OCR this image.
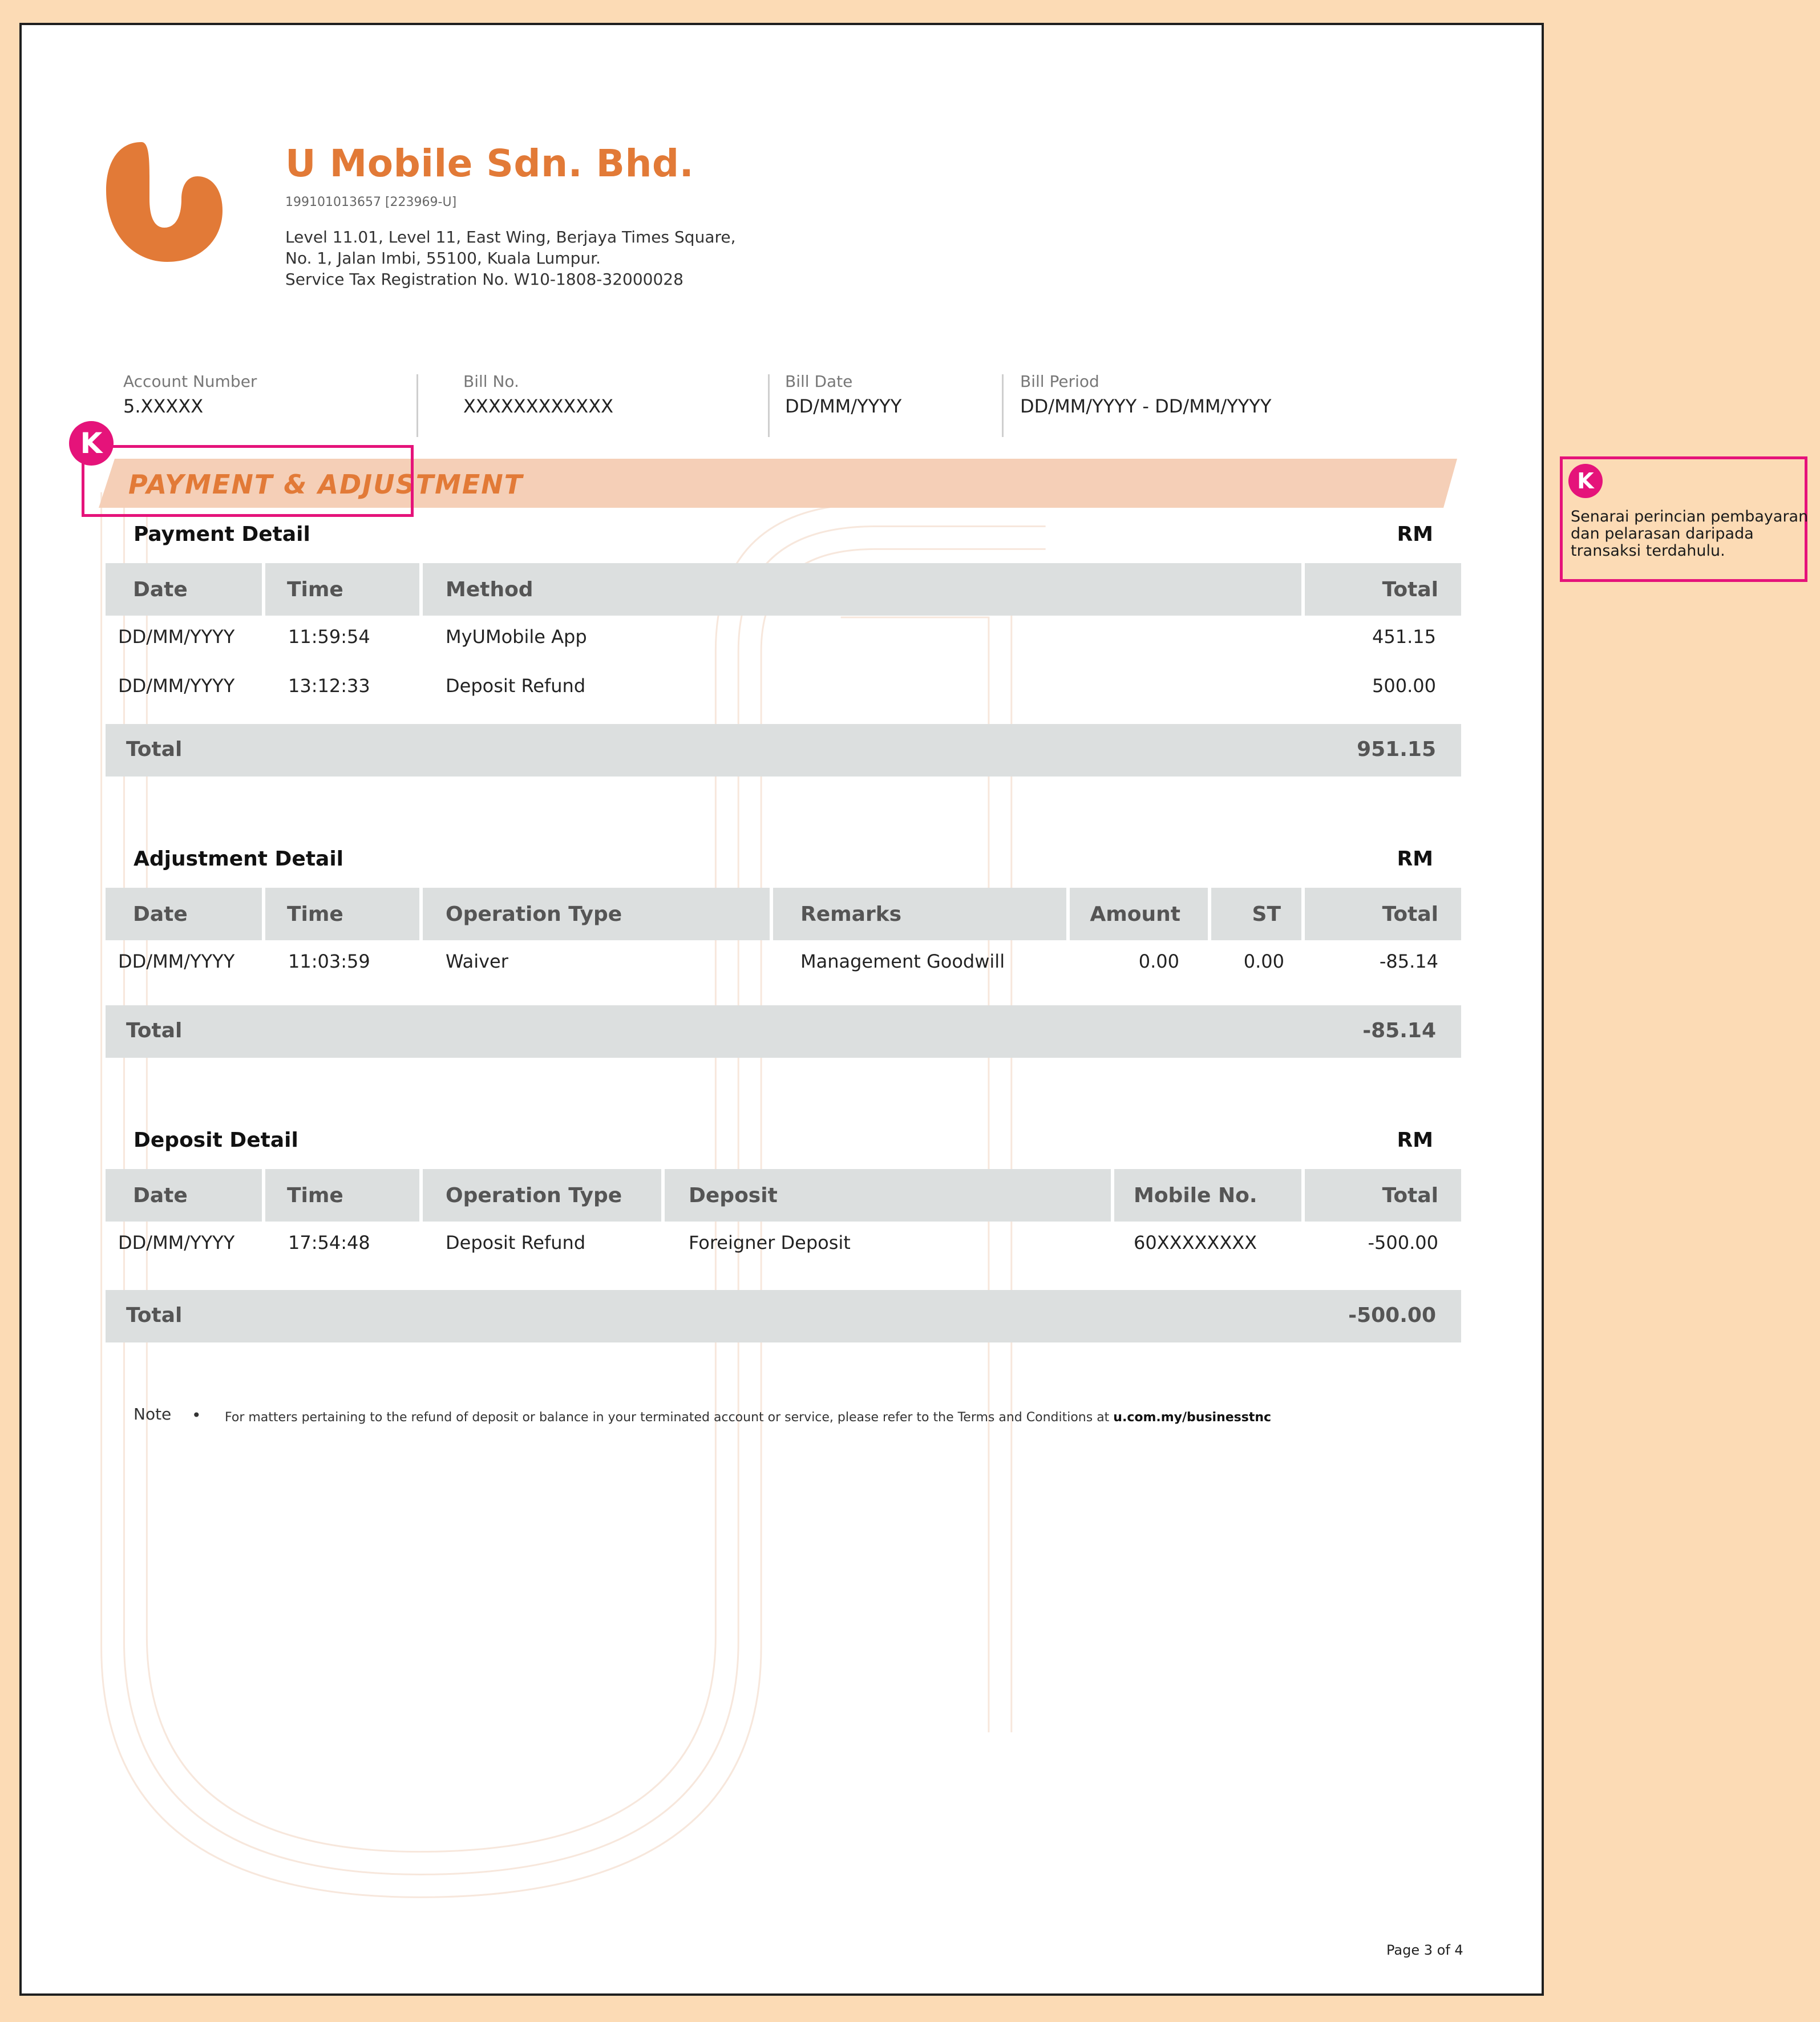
U Mobile Sdn. Bhd.
199101013657 [223969-U]
Level 11.01, Level 11, East Wing, Berjaya Times Square,
No. 1, Jalan Imbi, 55100, Kuala Lumpur.
Service Tax Registration No. W10-1808-32000028
Account Number
5.XXXXX
Bill No.
XXXXXXXXXXXX
Bill Date
DD/MM/YYYY
Bill Period
DD/MM/YYYY - DD/MM/YYYY
PAYMENT & ADJUSTMENT
K
Payment Detail	RM
Date	Time	Method	Total
DD/MM/YYYY	11:59:54	MyUMobile App	451.15
DD/MM/YYYY	13:12:33	Deposit Refund	500.00
Total	951.15
Adjustment Detail	RM
Date	Time	Operation Type	Remarks	Amount	ST	Total
DD/MM/YYYY	11:03:59	Waiver	Management Goodwill	0.00	0.00	-85.14
Total	-85.14
Deposit Detail	RM
Date	Time	Operation Type	Deposit	Mobile No.	Total
DD/MM/YYYY	17:54:48	Deposit Refund	Foreigner Deposit	60XXXXXXXX	-500.00
Total	-500.00
Note • For matters pertaining to the refund of deposit or balance in your terminated account or service, please refer to the Terms and Conditions at u.com.my/businesstnc
Page 3 of 4
K
Senarai perincian pembayaran dan pelarasan daripada transaksi terdahulu.
